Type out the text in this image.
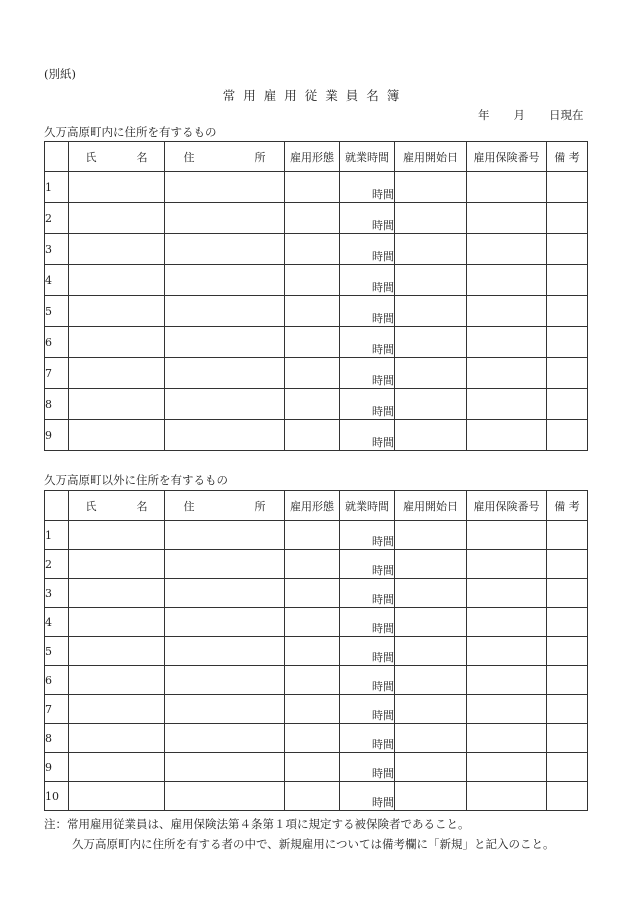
(別紙)
常用雇用従業員名簿
年 月 日現在
久万高原町内に住所を有するもの
	氏 名	住 所	雇用形態	就業時間	雇用開始日	雇用保険番号	備 考
1				時間			
2				時間			
3				時間			
4				時間			
5				時間			
6				時間			
7				時間			
8				時間			
9				時間			
久万高原町以外に住所を有するもの
	氏 名	住 所	雇用形態	就業時間	雇用開始日	雇用保険番号	備 考
1				時間			
2				時間			
3				時間			
4				時間			
5				時間			
6				時間			
7				時間			
8				時間			
9				時間			
10				時間			
注：常用雇用従業員は、雇用保険法第４条第１項に規定する被保険者であること。
久万高原町内に住所を有する者の中で、新規雇用については備考欄に「新規」と記入のこと。
